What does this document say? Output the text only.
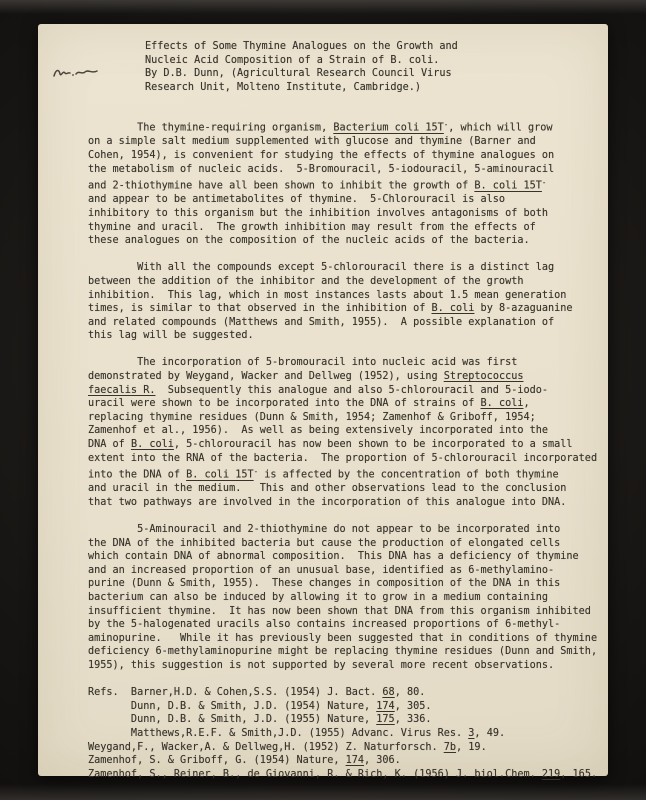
Effects of Some Thymine Analogues on the Growth and
Nucleic Acid Composition of a Strain of B. coli.
By D.B. Dunn, (Agricultural Research Council Virus
Research Unit, Molteno Institute, Cambridge.)
The thymine-requiring organism, Bacterium coli 15T-, which will grow
on a simple salt medium supplemented with glucose and thymine (Barner and
Cohen, 1954), is convenient for studying the effects of thymine analogues on
the metabolism of nucleic acids.  5-Bromouracil, 5-iodouracil, 5-aminouracil
and 2-thiothymine have all been shown to inhibit the growth of B. coli 15T-
and appear to be antimetabolites of thymine.  5-Chlorouracil is also
inhibitory to this organism but the inhibition involves antagonisms of both
thymine and uracil.  The growth inhibition may result from the effects of
these analogues on the composition of the nucleic acids of the bacteria.
With all the compounds except 5-chlorouracil there is a distinct lag
between the addition of the inhibitor and the development of the growth
inhibition.  This lag, which in most instances lasts about 1.5 mean generation
times, is similar to that observed in the inhibition of B. coli by 8-azaguanine
and related compounds (Matthews and Smith, 1955).  A possible explanation of
this lag will be suggested.
The incorporation of 5-bromouracil into nucleic acid was first
demonstrated by Weygand, Wacker and Dellweg (1952), using Streptococcus
faecalis R.  Subsequently this analogue and also 5-chlorouracil and 5-iodo-
uracil were shown to be incorporated into the DNA of strains of B. coli,
replacing thymine residues (Dunn & Smith, 1954; Zamenhof & Griboff, 1954;
Zamenhof et al., 1956).  As well as being extensively incorporated into the
DNA of B. coli, 5-chlorouracil has now been shown to be incorporated to a small
extent into the RNA of the bacteria.  The proportion of 5-chlorouracil incorporated
into the DNA of B. coli 15T- is affected by the concentration of both thymine
and uracil in the medium.   This and other observations lead to the conclusion
that two pathways are involved in the incorporation of this analogue into DNA.
5-Aminouracil and 2-thiothymine do not appear to be incorporated into
the DNA of the inhibited bacteria but cause the production of elongated cells
which contain DNA of abnormal composition.  This DNA has a deficiency of thymine
and an increased proportion of an unusual base, identified as 6-methylamino-
purine (Dunn & Smith, 1955).  These changes in composition of the DNA in this
bacterium can also be induced by allowing it to grow in a medium containing
insufficient thymine.  It has now been shown that DNA from this organism inhibited
by the 5-halogenated uracils also contains increased proportions of 6-methyl-
aminopurine.   While it has previously been suggested that in conditions of thymine
deficiency 6-methylaminopurine might be replacing thymine residues (Dunn and Smith,
1955), this suggestion is not supported by several more recent observations.
Refs.  Barner,H.D. & Cohen,S.S. (1954) J. Bact. 68, 80.
Dunn, D.B. & Smith, J.D. (1954) Nature, 174, 305.
Dunn, D.B. & Smith, J.D. (1955) Nature, 175, 336.
Matthews,R.E.F. & Smith,J.D. (1955) Advanc. Virus Res. 3, 49.
Weygand,F., Wacker,A. & Dellweg,H. (1952) Z. Naturforsch. 7b, 19.
Zamenhof, S. & Griboff, G. (1954) Nature, 174, 306.
Zamenhof, S., Reiner, B., de Giovanni, R. & Rich, K. (1956) J. biol.Chem. 219, 165.
